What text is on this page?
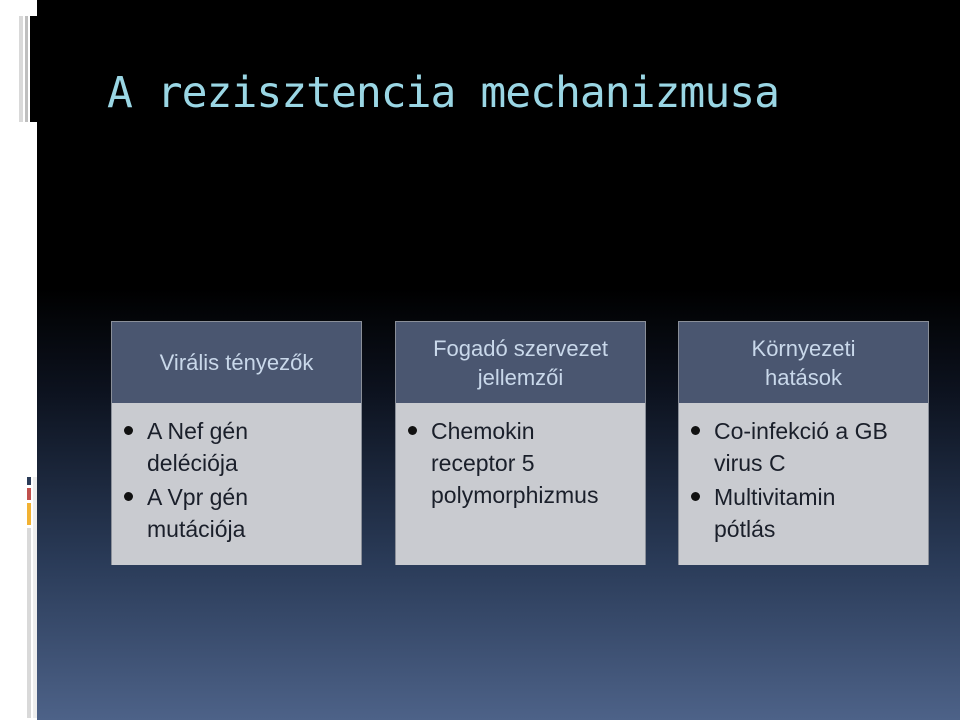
A rezisztencia mechanizmusa
Virális tényezők
A Nef gén
deléciója
A Vpr gén
mutációja
Fogadó szervezet
jellemzői
Chemokin
receptor 5
polymorphizmus
Környezeti
hatások
Co-infekció a GB
virus C
Multivitamin
pótlás
